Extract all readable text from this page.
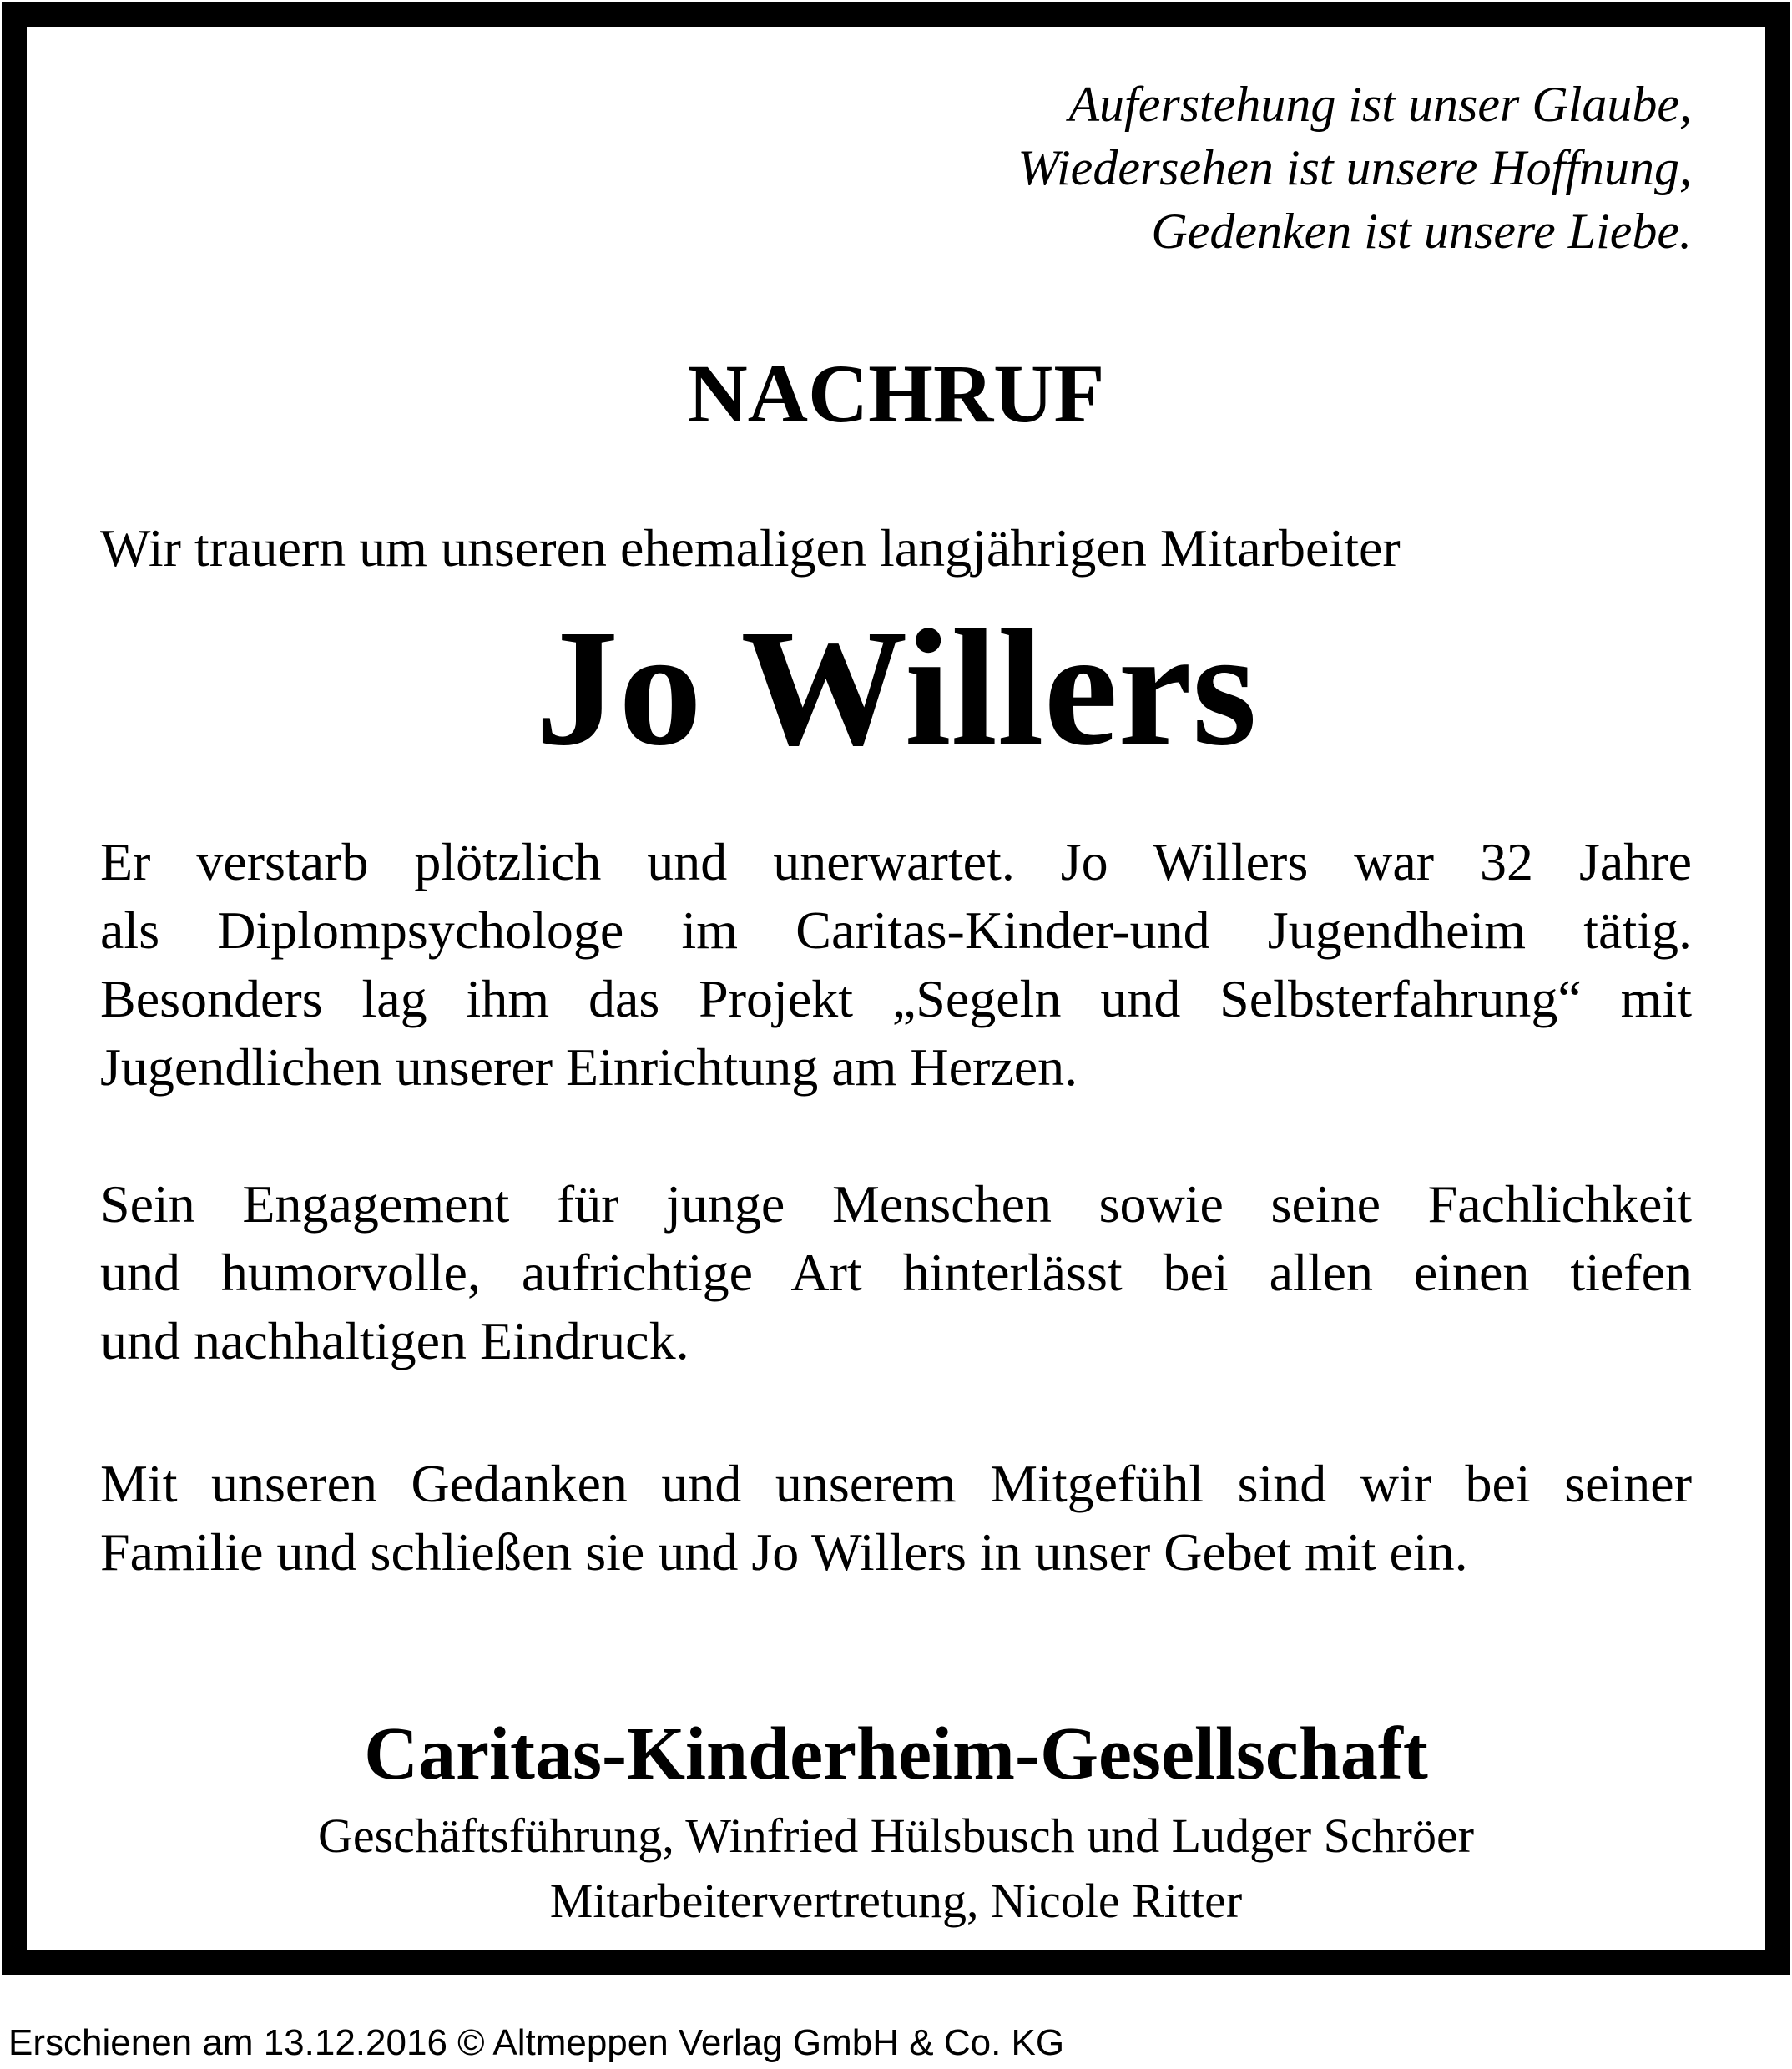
Auferstehung ist unser Glaube,
Wiedersehen ist unsere Hoffnung,
Gedenken ist unsere Liebe.
NACHRUF
Wir trauern um unseren ehemaligen langjährigen Mitarbeiter
Jo Willers
Er verstarb plötzlich und unerwartet. Jo Willers war 32 Jahre
als Diplompsychologe im Caritas-Kinder-und Jugendheim tätig.
Besonders lag ihm das Projekt „Segeln und Selbsterfahrung“ mit
Jugendlichen unserer Einrichtung am Herzen.
Sein Engagement für junge Menschen sowie seine Fachlichkeit
und humorvolle, aufrichtige Art hinterlässt bei allen einen tiefen
und nachhaltigen Eindruck.
Mit unseren Gedanken und unserem Mitgefühl sind wir bei seiner
Familie und schließen sie und Jo Willers in unser Gebet mit ein.
Caritas-Kinderheim-Gesellschaft
Geschäftsführung, Winfried Hülsbusch und Ludger Schröer
Mitarbeitervertretung, Nicole Ritter
Erschienen am 13.12.2016 © Altmeppen Verlag GmbH & Co. KG
